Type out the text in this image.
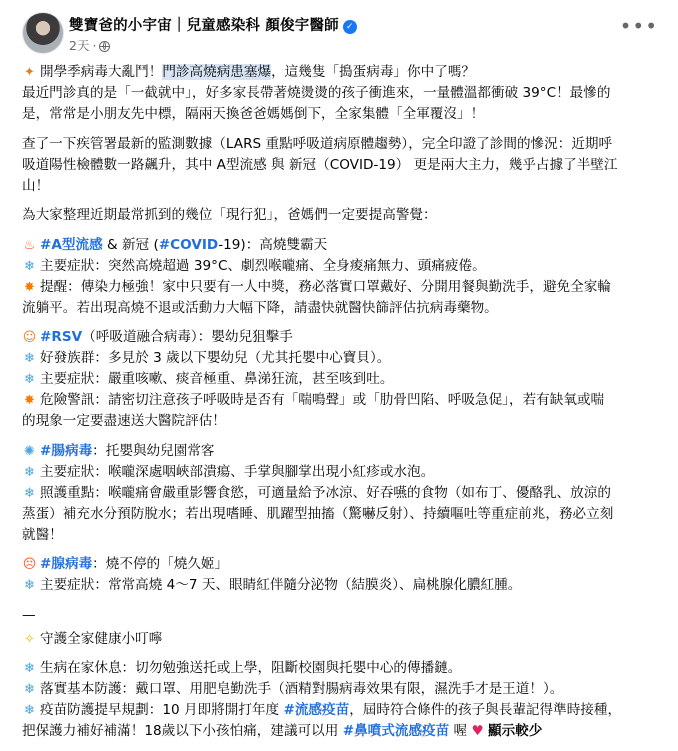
雙寶爸的小宇宙｜兒童感染科 顏俊宇醫師 ✓
2天 ·
•••
✦ 開學季病毒大亂鬥！門診高燒病患塞爆，這幾隻「搗蛋病毒」你中了嗎？
最近門診真的是「一截就中」，好多家長帶著燒燙燙的孩子衝進來，一量體溫都衝破 39°C！最慘的
是，常常是小朋友先中標，隔兩天換爸爸媽媽倒下，全家集體「全軍覆沒」！
查了一下疾管署最新的監測數據（LARS 重點呼吸道病原體趨勢），完全印證了診間的慘況：近期呼
吸道陽性檢體數一路飆升，其中 A型流感 與 新冠（COVID-19） 更是兩大主力，幾乎占據了半壁江
山！
為大家整理近期最常抓到的幾位「現行犯」，爸媽們一定要提高警覺：
♨ #A型流感 & 新冠 (#COVID-19)：高燒雙霸天
❄ 主要症狀：突然高燒超過 39°C、劇烈喉嚨痛、全身痠痛無力、頭痛疲倦。
✸ 提醒：傳染力極強！家中只要有一人中獎，務必落實口罩戴好、分開用餐與勤洗手，避免全家輪
流躺平。若出現高燒不退或活動力大幅下降，請盡快就醫快篩評估抗病毒藥物。
☺ #RSV（呼吸道融合病毒）：嬰幼兒狙擊手
❄ 好發族群：多見於 3 歲以下嬰幼兒（尤其托嬰中心寶貝）。
❄ 主要症狀：嚴重咳嗽、痰音極重、鼻涕狂流，甚至咳到吐。
✸ 危險警訊：請密切注意孩子呼吸時是否有「喘鳴聲」或「肋骨凹陷、呼吸急促」，若有缺氧或喘
的現象一定要盡速送大醫院評估！
✺ #腸病毒：托嬰與幼兒園常客
❄ 主要症狀：喉嚨深處咽峽部潰瘍、手掌與腳掌出現小紅疹或水泡。
❄ 照護重點：喉嚨痛會嚴重影響食慾，可適量給予冰涼、好吞嚥的食物（如布丁、優酪乳、放涼的
蒸蛋）補充水分預防脫水；若出現嗜睡、肌躍型抽搐（驚嚇反射）、持續嘔吐等重症前兆，務必立刻
就醫！
☹ #腺病毒：燒不停的「燒久姬」
❄ 主要症狀：常常高燒 4～7 天、眼睛紅伴隨分泌物（結膜炎）、扁桃腺化膿紅腫。
—
✧ 守護全家健康小叮嚀
❄ 生病在家休息：切勿勉強送托或上學，阻斷校園與托嬰中心的傳播鏈。
❄ 落實基本防護：戴口罩、用肥皂勤洗手（酒精對腸病毒效果有限，濕洗手才是王道！）。
❄ 疫苗防護提早規劃：10 月即將開打年度 #流感疫苗，屆時符合條件的孩子與長輩記得準時接種，
把保護力補好補滿！18歲以下小孩怕痛，建議可以用 #鼻噴式流感疫苗 喔 ♥ 顯示較少
